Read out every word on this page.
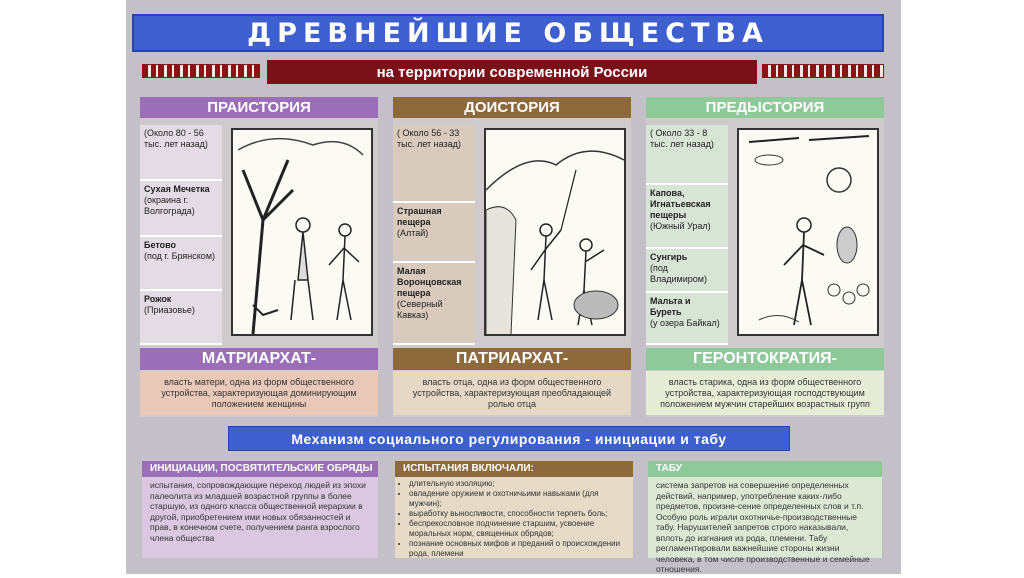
ДРЕВНЕЙШИЕ ОБЩЕСТВА
на территории современной России
(Около 80 - 56 тыс. лет назад)
Сухая Мечетка
(окраина г. Волгограда)
Бетово
(под г. Брянском)
Рожок
(Приазовье)
ПРАИСТОРИЯ
МАТРИАРХАТ-
власть матери, одна из форм общественного устройства, характеризующая доминирующим положением женщины
( Около 56 - 33 тыс. лет назад)
Страшная пещера
(Алтай)
Малая Воронцовская пещера
(Северный Кавказ)
ДОИСТОРИЯ
ПАТРИАРХАТ-
власть отца, одна из форм общественного устройства, характеризующая преобладающей ролью отца
( Около 33 - 8 тыс. лет назад)
Капова, Игнатьевская пещеры
(Южный Урал)
Сунгирь
(под Владимиром)
Мальта и Буреть
(у озера Байкал)
ПРЕДЫСТОРИЯ
ГЕРОНТОКРАТИЯ-
власть старика, одна из форм общественного устройства, характеризующая господствующим положением мужчин старейших возрастных групп
Механизм социального регулирования - инициации и табу
ИНИЦИАЦИИ, ПОСВЯТИТЕЛЬСКИЕ ОБРЯДЫ
испытания, сопровождающие переход людей из эпохи палеолита из младшей возрастной группы в более старшую, из одного класса общественной иерархии в другой, приобретением ими новых обязанностей и прав, в конечном счете, получением ранга взрослого члена общества
ИСПЫТАНИЯ ВКЛЮЧАЛИ:
• длительную изоляцию;
• овладение оружием и охотничьими навыками (для мужчин);
• выработку выносливости, способности терпеть боль;
• беспрекословное подчинение старшим, усвоение моральных норм, священных обрядов;
• познание основных мифов и преданий о происхождении рода, племени
ТАБУ
система запретов на совершение определенных действий, например, употребление каких-либо предметов, произне-сение определенных слов и т.п. Особую роль играли охотничье-производственные табу. Нарушителей запретов строго наказывали, вплоть до изгнания из рода, племени. Табу регламентировали важнейшие стороны жизни человека, в том числе производственные и семейные отношения.
